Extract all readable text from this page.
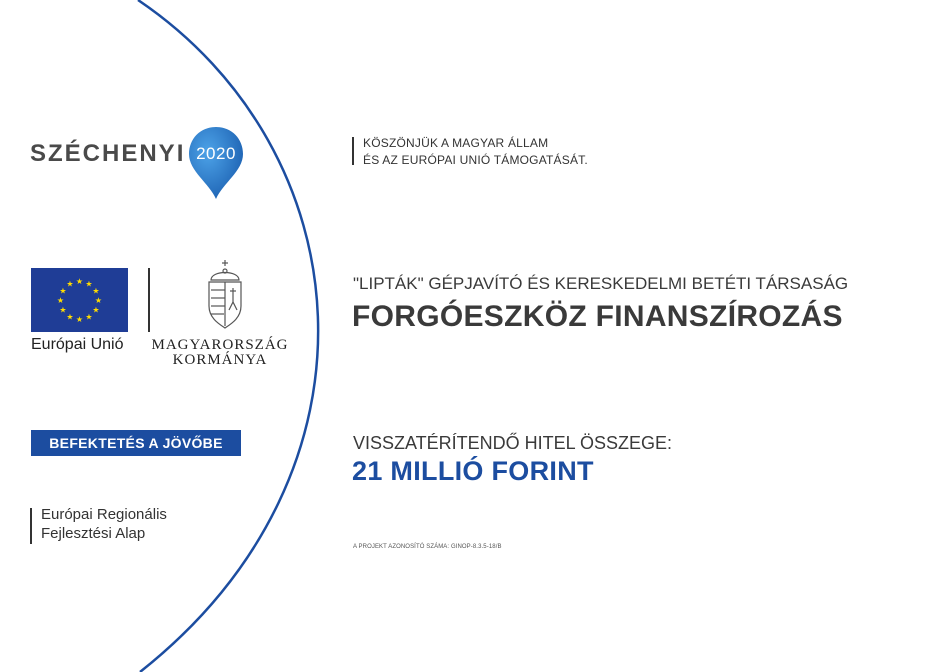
SZÉCHENYI 2020
★ ★
★
★
★
★
★
★
★
★
★
★
Európai Unió	MAGYARORSZÁG
KORMÁNYA
BEFEKTETÉS A JÖVŐBE
Európai Regionális
Fejlesztési Alap
KÖSZÖNJÜK A MAGYAR ÁLLAM
ÉS AZ EURÓPAI UNIÓ TÁMOGATÁSÁT.
"LIPTÁK" GÉPJAVÍTÓ ÉS KERESKEDELMI BETÉTI TÁRSASÁG
FORGÓESZKÖZ FINANSZÍROZÁS
VISSZATÉRÍTENDŐ HITEL ÖSSZEGE:
21 MILLIÓ FORINT
A PROJEKT AZONOSÍTÓ SZÁMA: GINOP-8.3.5-18/B
